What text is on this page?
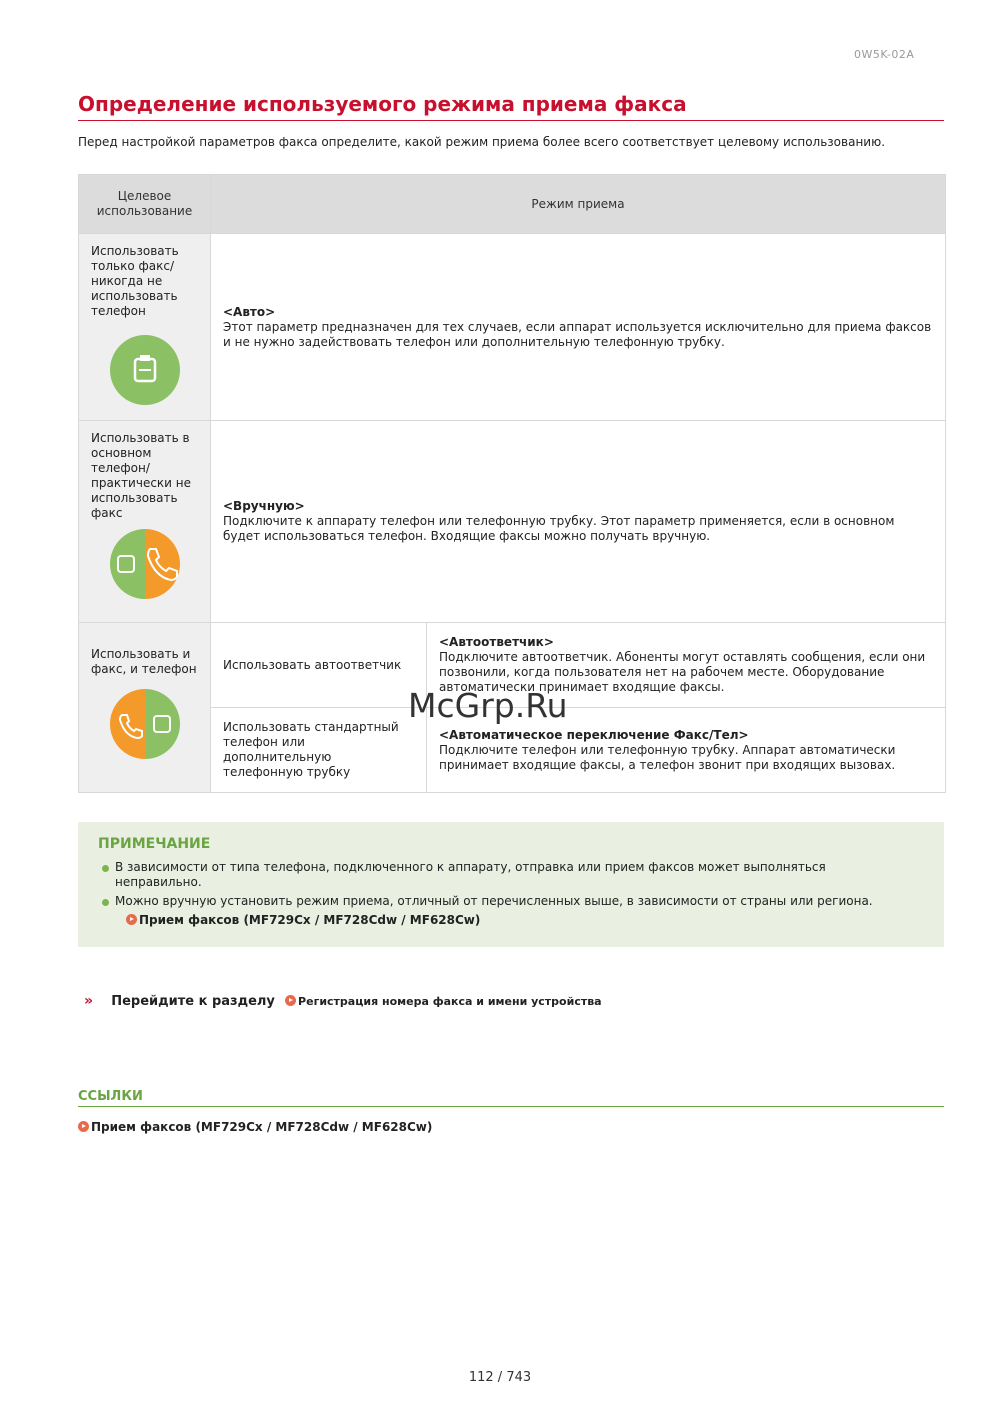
0W5K-02A
Определение используемого режима приема факса
Перед настройкой параметров факса определите, какой режим приема более всего соответствует целевому использованию.
Целевое использование	Режим приема	

Использовать только факс/ никогда не использовать телефон	<Авто>
Этот параметр предназначен для тех случаев, если аппарат используется исключительно для приема факсов и не нужно задействовать телефон или дополнительную телефонную трубку.	

Использовать в основном телефон/ практически не использовать факс	<Вручную>
Подключите к аппарату телефон или телефонную трубку. Этот параметр применяется, если в основном будет использоваться телефон. Входящие факсы можно получать вручную.	

Использовать и факс, и телефон	Использовать автоответчик	<Автоответчик>
Подключите автоответчик. Абоненты могут оставлять сообщения, если они позвонили, когда пользователя нет на рабочем месте. Оборудование автоматически принимает входящие факсы.

	Использовать стандартный телефон или дополнительную телефонную трубку	<Автоматическое переключение Факс/Тел>
Подключите телефон или телефонную трубку. Аппарат автоматически принимает входящие факсы, а телефон звонит при входящих вызовах.
McGrp.Ru
ПРИМЕЧАНИЕ
В зависимости от типа телефона, подключенного к аппарату, отправка или прием факсов может выполняться неправильно.
Можно вручную установить режим приема, отличный от перечисленных выше, в зависимости от страны или региона.
Прием факсов (MF729Cx / MF728Cdw / MF628Cw)
» Перейдите к разделу Регистрация номера факса и имени устройства
ССЫЛКИ
Прием факсов (MF729Cx / MF728Cdw / MF628Cw)
112 / 743
